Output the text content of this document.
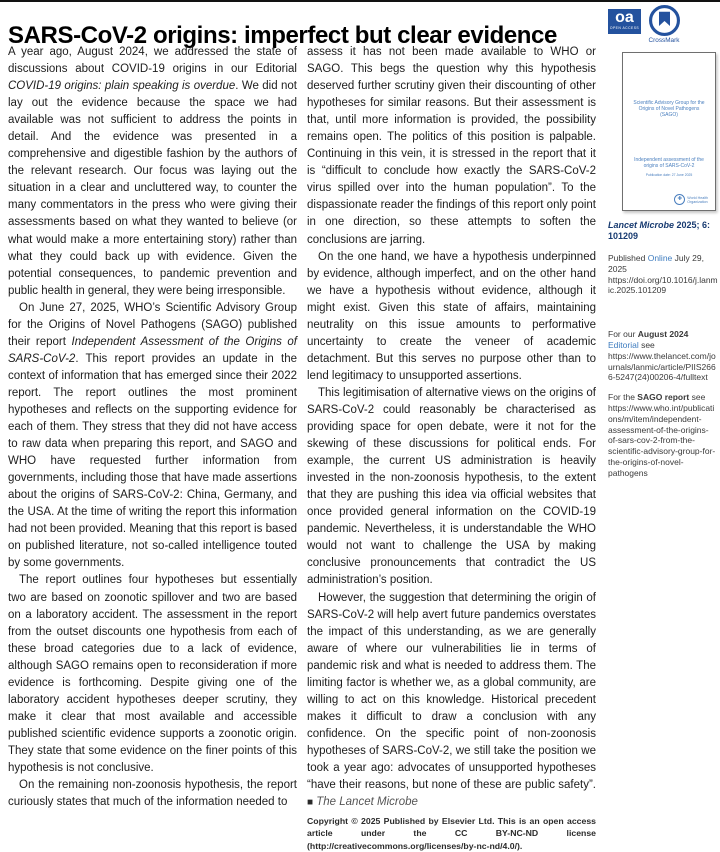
SARS-CoV-2 origins: imperfect but clear evidence
oa
OPEN ACCESS
CrossMark

A year ago, August 2024, we addressed the state of discussions about COVID-19 origins in our Editorial COVID-19 origins: plain speaking is overdue. We did not lay out the evidence because the space we had available was not sufficient to address the points in detail. And the evidence was presented in a comprehensive and digestible fashion by the authors of the relevant research. Our focus was laying out the situation in a clear and uncluttered way, to counter the many commentators in the press who were giving their assessments based on what they wanted to believe (or what would make a more entertaining story) rather than what they could back up with evidence. Given the potential consequences, to pandemic prevention and public health in general, they were being irresponsible.

On June 27, 2025, WHO’s Scientific Advisory Group for the Origins of Novel Pathogens (SAGO) published their report Independent Assessment of the Origins of SARS-CoV-2. This report provides an update in the context of information that has emerged since their 2022 report. The report outlines the most prominent hypotheses and reflects on the supporting evidence for each of them. They stress that they did not have access to raw data when preparing this report, and SAGO and WHO have requested further information from governments, including those that have made assertions about the origins of SARS-CoV-2: China, Germany, and the USA. At the time of writing the report this information had not been provided. Meaning that this report is based on published literature, not so-called intelligence touted by some governments.

The report outlines four hypotheses but essentially two are based on zoonotic spillover and two are based on a laboratory accident. The assessment in the report from the outset discounts one hypothesis from each of these broad categories due to a lack of evidence, although SAGO remains open to reconsideration if more evidence is forthcoming. Despite giving one of the laboratory accident hypotheses deeper scrutiny, they make it clear that most available and accessible published scientific evidence supports a zoonotic origin. They state that some evidence on the finer points of this hypothesis is not conclusive.

On the remaining non-zoonosis hypothesis, the report curiously states that much of the information needed to

assess it has not been made available to WHO or SAGO. This begs the question why this hypothesis deserved further scrutiny given their discounting of other hypotheses for similar reasons. But their assessment is that, until more information is provided, the possibility remains open. The politics of this position is palpable. Continuing in this vein, it is stressed in the report that it is “difficult to conclude how exactly the SARS-CoV-2 virus spilled over into the human population”. To the dispassionate reader the findings of this report only point in one direction, so these attempts to soften the conclusions are jarring.

On the one hand, we have a hypothesis underpinned by evidence, although imperfect, and on the other hand we have a hypothesis without evidence, although it might exist. Given this state of affairs, maintaining neutrality on this issue amounts to performative uncertainty to create the veneer of academic detachment. But this serves no purpose other than to lend legitimacy to unsupported assertions.

This legitimisation of alternative views on the origins of SARS-CoV-2 could reasonably be characterised as providing space for open debate, were it not for the skewing of these discussions for political ends. For example, the current US administration is heavily invested in the non-zoonosis hypothesis, to the extent that they are pushing this idea via official websites that once provided general information on the COVID-19 pandemic. Nevertheless, it is understandable the WHO would not want to challenge the USA by making conclusive pronouncements that contradict the US administration’s position.

However, the suggestion that determining the origin of SARS-CoV-2 will help avert future pandemics overstates the impact of this understanding, as we are generally aware of where our vulnerabilities lie in terms of pandemic risk and what is needed to address them. The limiting factor is whether we, as a global community, are willing to act on this knowledge. Historical precedent makes it difficult to draw a conclusion with any confidence. On the specific point of non-zoonosis hypotheses of SARS-CoV-2, we still take the position we took a year ago: advocates of unsupported hypotheses “have their reasons, but none of these are public safety”. ■ The Lancet Microbe

Copyright © 2025 Published by Elsevier Ltd. This is an open access article under the CC BY-NC-ND license (http://creativecommons.org/licenses/by-nc-nd/4.0/).

Scientific Advisory Group for the Origins of Novel Pathogens (SAGO)
Independent assessment of the origins of SARS-CoV-2
Publication date: 27 June 2025
✚	World Health
Organization
Lancet Microbe 2025; 6: 101209
Published Online July 29, 2025
https://doi.org/10.1016/j.lanmic.2025.101209
For our August 2024 Editorial see https://www.thelancet.com/journals/lanmic/article/PIIS2666-5247(24)00206-4/fulltext
For the SAGO report see https://www.who.int/publications/m/item/independent-assessment-of-the-origins-of-sars-cov-2-from-the-scientific-advisory-group-for-the-origins-of-novel-pathogens
